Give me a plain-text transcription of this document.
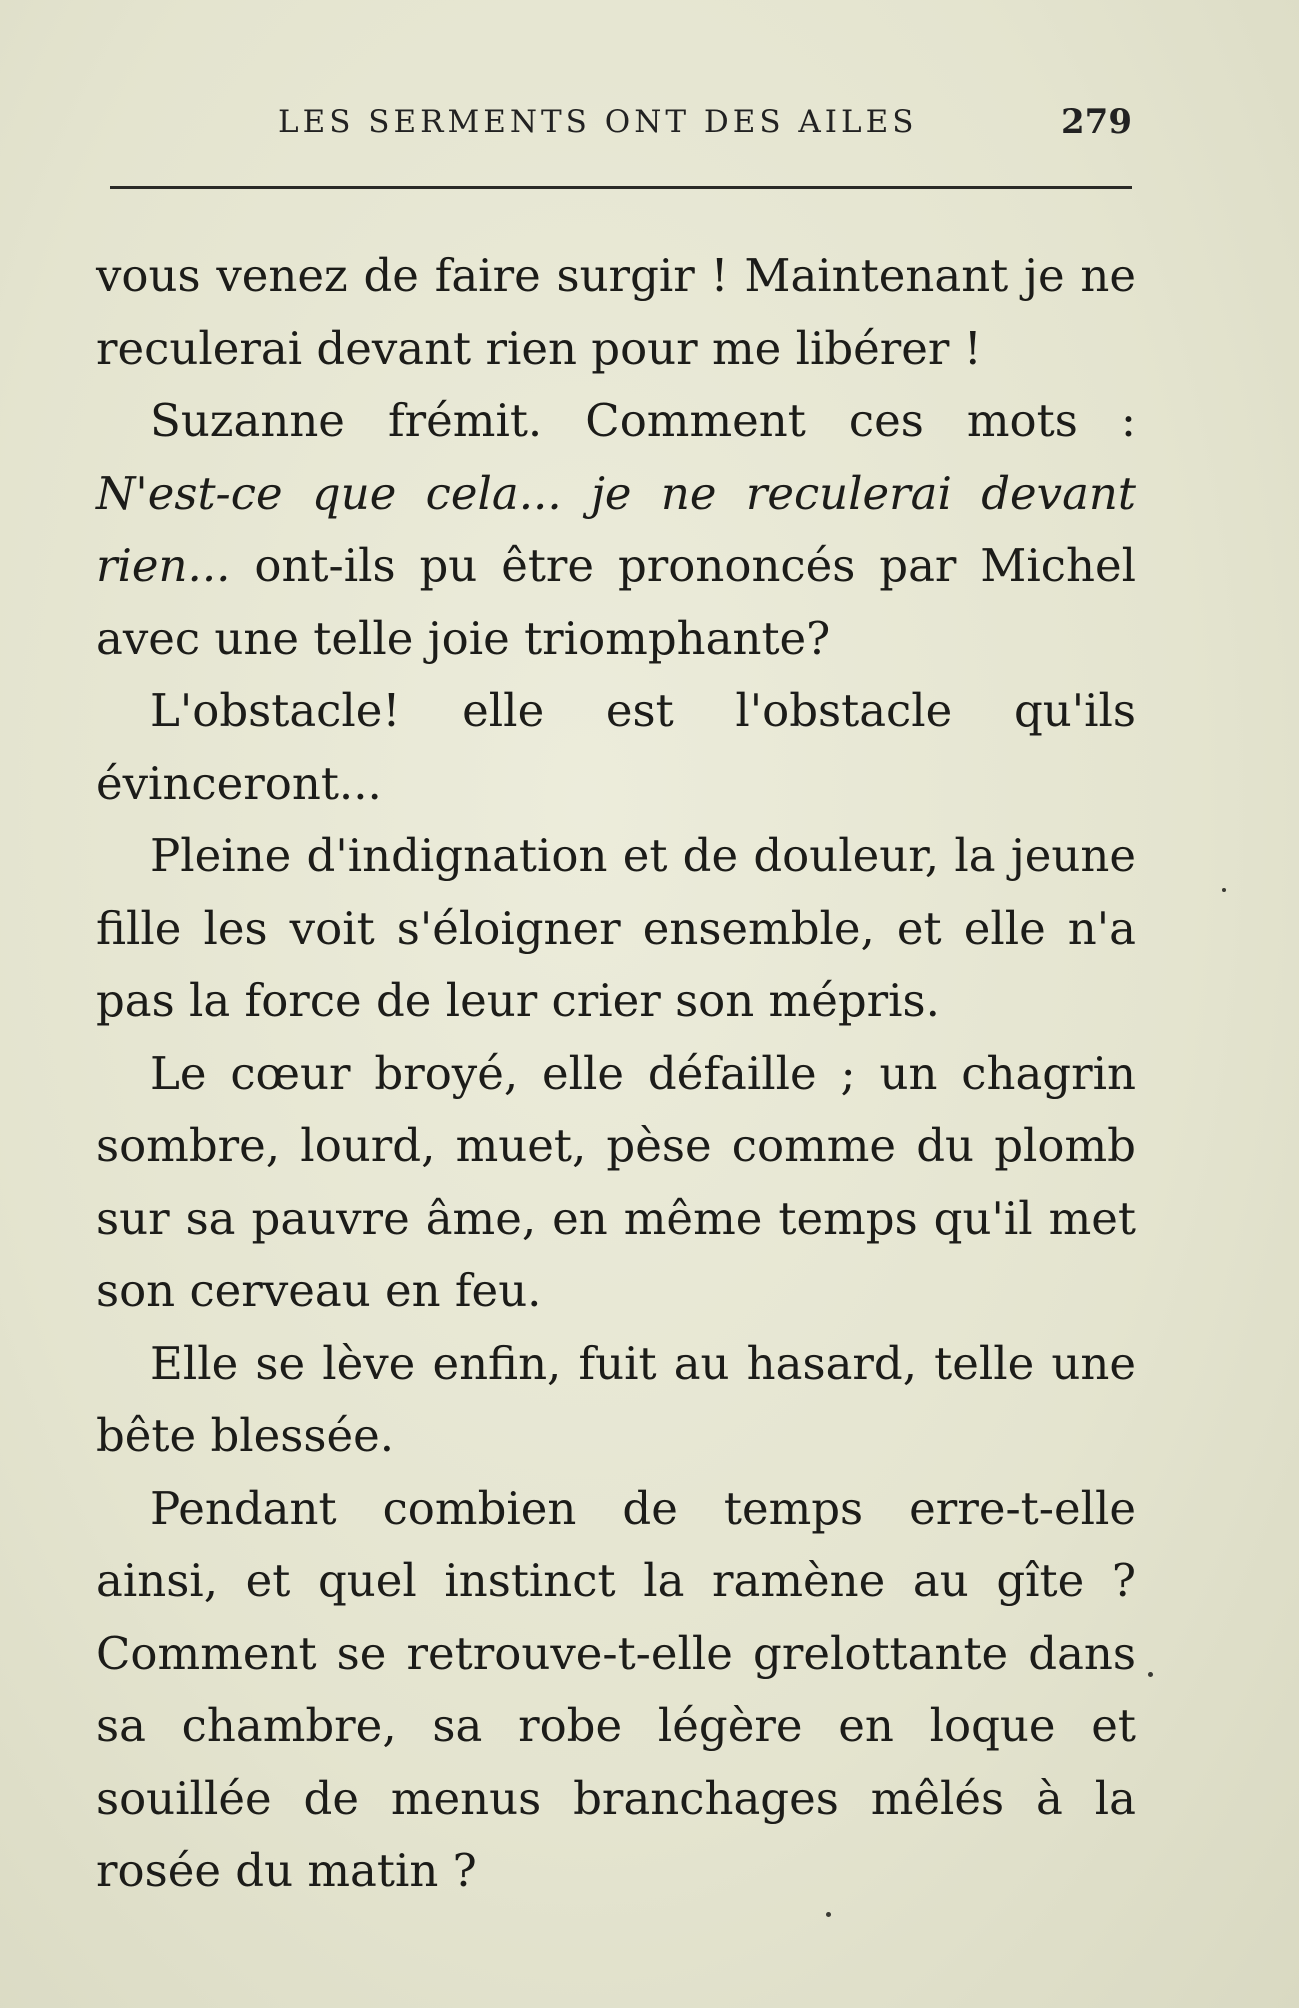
LES SERMENTS ONT DES AILES	279

vous venez de faire surgir ! Maintenant je ne reculerai devant rien pour me libérer !

Suzanne frémit. Comment ces mots : N'est-ce que cela... je ne reculerai devant rien... ont-ils pu être prononcés par Michel avec une telle joie triomphante?

L'obstacle! elle est l'obstacle qu'ils évinceront...

Pleine d'indignation et de douleur, la jeune fille les voit s'éloigner ensemble, et elle n'a pas la force de leur crier son mépris.

Le cœur broyé, elle défaille ; un chagrin sombre, lourd, muet, pèse comme du plomb sur sa pauvre âme, en même temps qu'il met son cerveau en feu.

Elle se lève enfin, fuit au hasard, telle une bête blessée.

Pendant combien de temps erre-t-elle ainsi, et quel instinct la ramène au gîte ? Comment se retrouve-t-elle grelottante dans sa chambre, sa robe légère en loque et souillée de menus branchages mêlés à la rosée du matin ?
